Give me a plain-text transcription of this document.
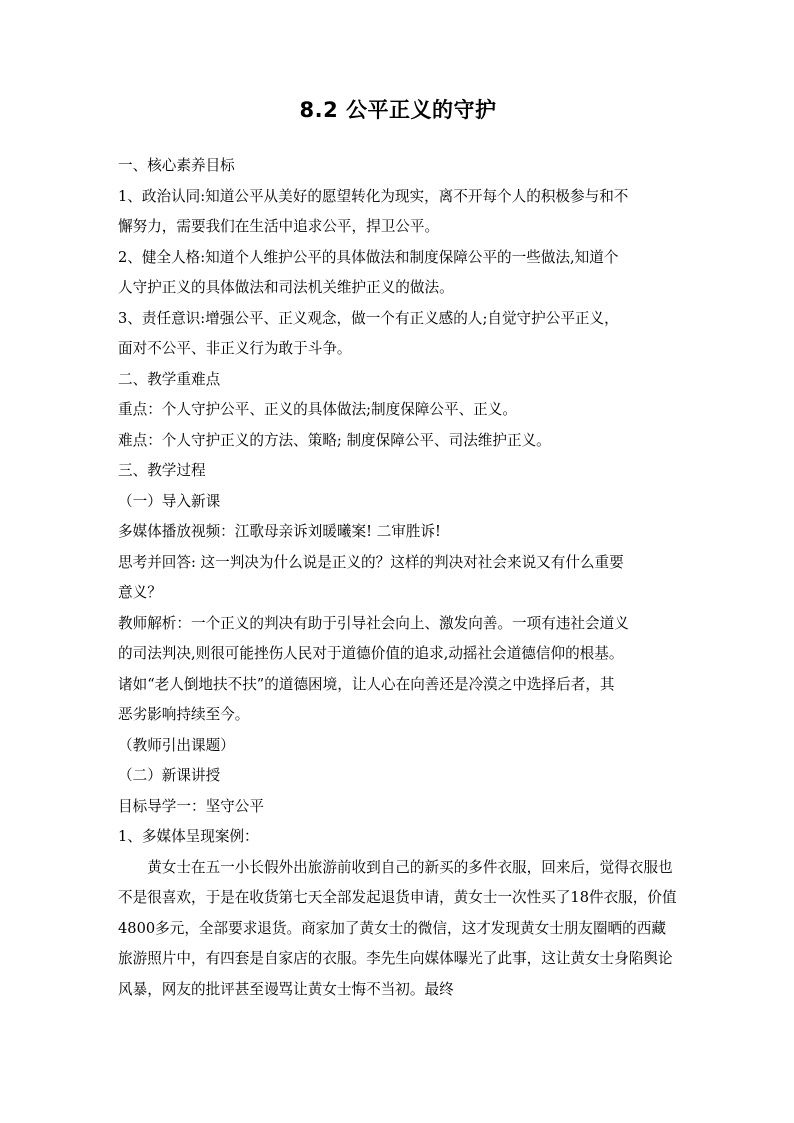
8.2 公平正义的守护
一、核心素养目标
1、政治认同:知道公平从美好的愿望转化为现实，离不开每个人的积极参与和不
懈努力，需要我们在生活中追求公平，捍卫公平。
2、健全人格:知道个人维护公平的具体做法和制度保障公平的一些做法,知道个
人守护正义的具体做法和司法机关维护正义的做法。
3、责任意识:增强公平、正义观念，做一个有正义感的人;自觉守护公平正义，
面对不公平、非正义行为敢于斗争。
二、教学重难点
重点：个人守护公平、正义的具体做法;制度保障公平、正义。
难点：个人守护正义的方法、策略; 制度保障公平、司法维护正义。
三、教学过程
（一）导入新课
多媒体播放视频：江歌母亲诉刘暖曦案! 二审胜诉!
思考并回答: 这一判决为什么说是正义的？这样的判决对社会来说又有什么重要
意义？
教师解析：一个正义的判决有助于引导社会向上、激发向善。一项有违社会道义
的司法判决,则很可能挫伤人民对于道德价值的追求,动摇社会道德信仰的根基。
诸如“老人倒地扶不扶”的道德困境，让人心在向善还是冷漠之中选择后者，其
恶劣影响持续至今。
（教师引出课题）
（二）新课讲授
目标导学一：坚守公平
1、多媒体呈现案例：

黄女士在五一小长假外出旅游前收到自己的新买的多件衣服，回来后，觉得衣服也不是很喜欢，于是在收货第七天全部发起退货申请，黄女士一次性买了18件衣服，价值4800多元，全部要求退货。商家加了黄女士的微信，这才发现黄女士朋友圈晒的西藏旅游照片中，有四套是自家店的衣服。李先生向媒体曝光了此事，这让黄女士身陷舆论风暴，网友的批评甚至谩骂让黄女士悔不当初。最终
